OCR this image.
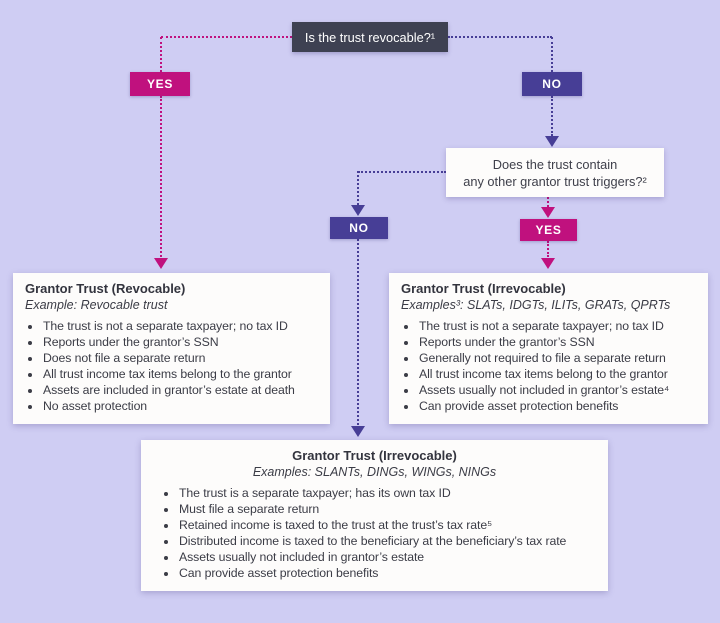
Is the trust revocable?¹
YES	NO
Does the trust contain
any other grantor trust triggers?²
NO	YES
Grantor Trust (Revocable)

Example: Revocable trust

• The trust is not a separate taxpayer; no tax ID
• Reports under the grantor’s SSN
• Does not file a separate return
• All trust income tax items belong to the grantor
• Assets are included in grantor’s estate at death
• No asset protection
Grantor Trust (Irrevocable)

Examples³: SLATs, IDGTs, ILITs, GRATs, QPRTs

• The trust is not a separate taxpayer; no tax ID
• Reports under the grantor’s SSN
• Generally not required to file a separate return
• All trust income tax items belong to the grantor
• Assets usually not included in grantor’s estate⁴
• Can provide asset protection benefits
Grantor Trust (Irrevocable)

Examples: SLANTs, DINGs, WINGs, NINGs

• The trust is a separate taxpayer; has its own tax ID
• Must file a separate return
• Retained income is taxed to the trust at the trust’s tax rate⁵
• Distributed income is taxed to the beneficiary at the beneficiary’s tax rate
• Assets usually not included in grantor’s estate
• Can provide asset protection benefits
